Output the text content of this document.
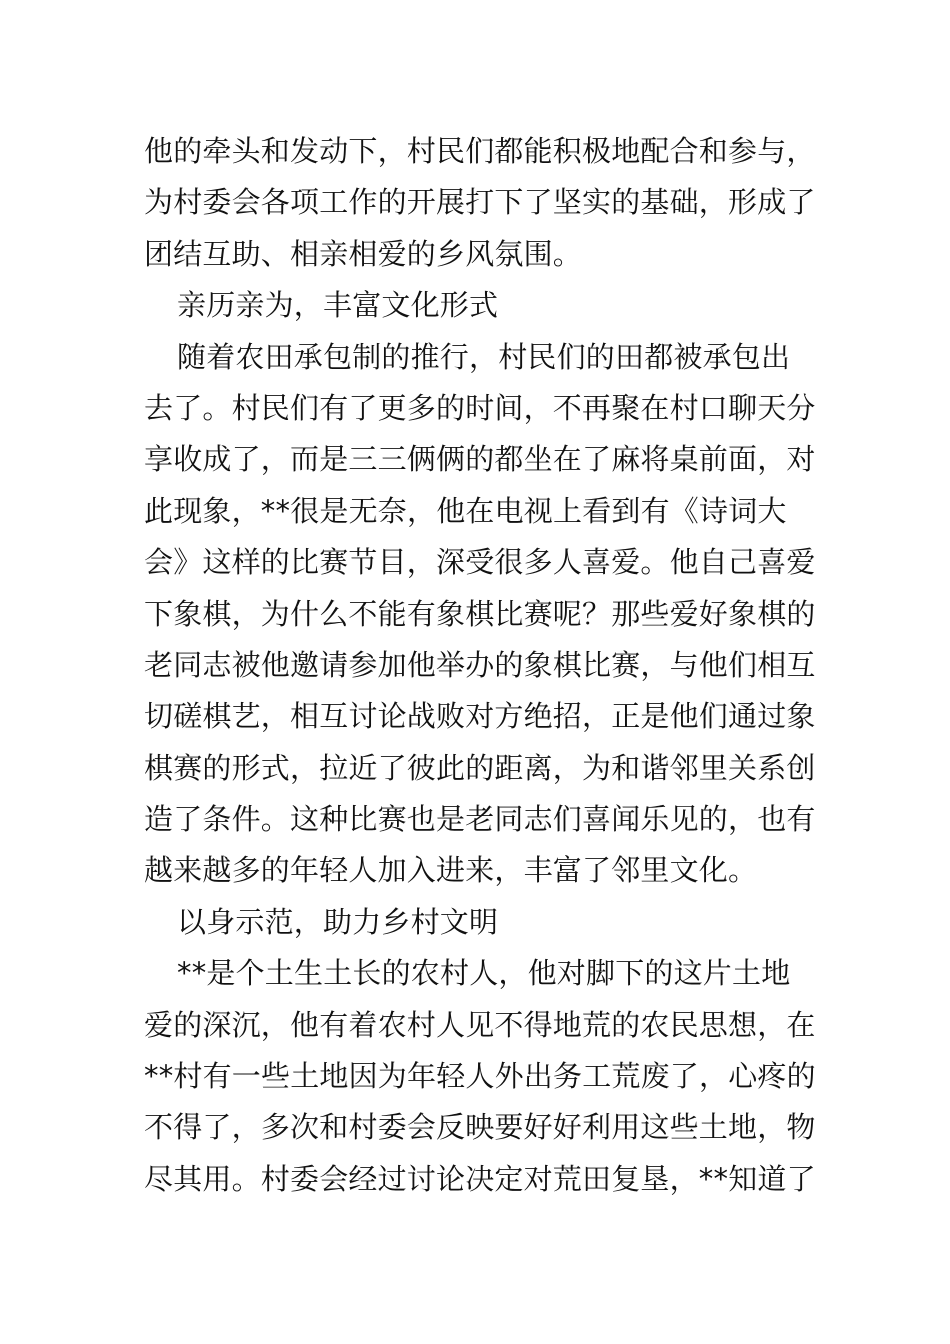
他的牵头和发动下，村民们都能积极地配合和参与，
为村委会各项工作的开展打下了坚实的基础，形成了
团结互助、相亲相爱的乡风氛围。
亲历亲为，丰富文化形式
随着农田承包制的推行，村民们的田都被承包出
去了。村民们有了更多的时间，不再聚在村口聊天分
享收成了，而是三三俩俩的都坐在了麻将桌前面，对
此现象，**很是无奈，他在电视上看到有《诗词大
会》这样的比赛节目，深受很多人喜爱。他自己喜爱
下象棋，为什么不能有象棋比赛呢？那些爱好象棋的
老同志被他邀请参加他举办的象棋比赛，与他们相互
切磋棋艺，相互讨论战败对方绝招，正是他们通过象
棋赛的形式，拉近了彼此的距离，为和谐邻里关系创
造了条件。这种比赛也是老同志们喜闻乐见的，也有
越来越多的年轻人加入进来，丰富了邻里文化。
以身示范，助力乡村文明
**是个土生土长的农村人，他对脚下的这片土地
爱的深沉，他有着农村人见不得地荒的农民思想，在
**村有一些土地因为年轻人外出务工荒废了，心疼的
不得了，多次和村委会反映要好好利用这些土地，物
尽其用。村委会经过讨论决定对荒田复垦，**知道了
